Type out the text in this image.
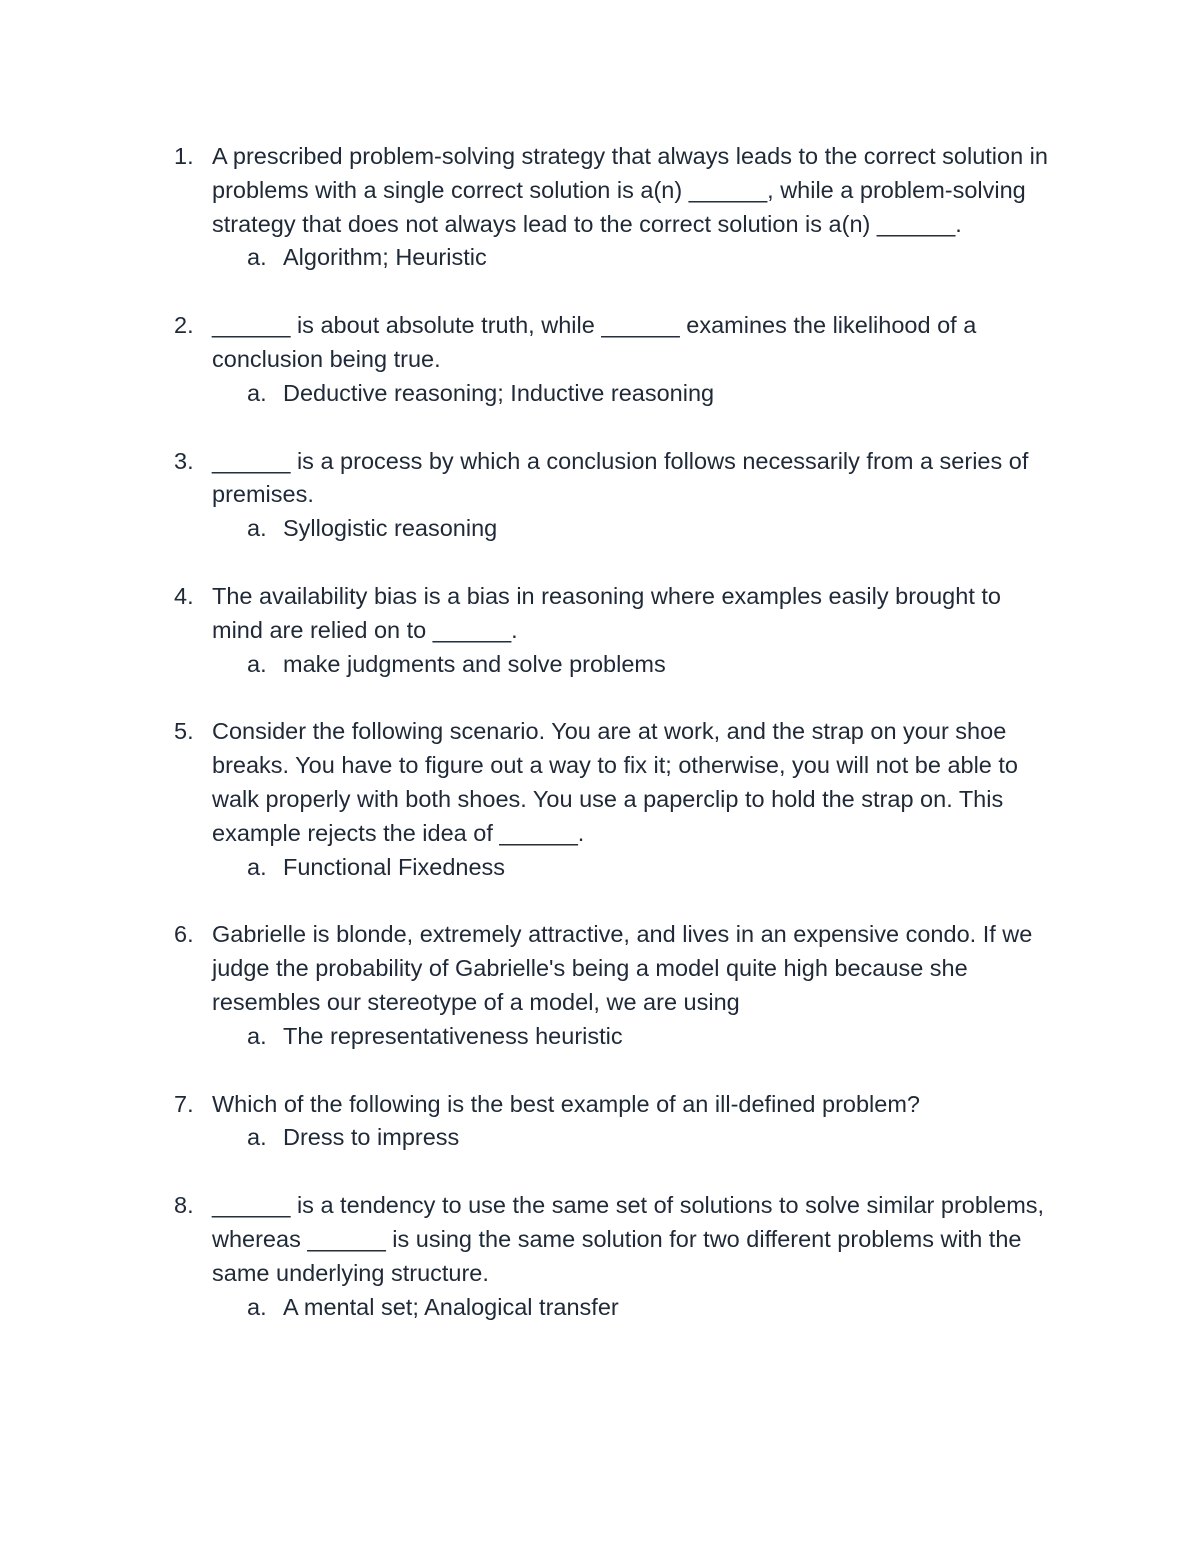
1. A prescribed problem-solving strategy that always leads to the correct solution in problems with a single correct solution is a(n) ______, while a problem-solving strategy that does not always lead to the correct solution is a(n) ______.
a. Algorithm; Heuristic
2. ______ is about absolute truth, while ______ examines the likelihood of a conclusion being true.
a. Deductive reasoning; Inductive reasoning
3. ______ is a process by which a conclusion follows necessarily from a series of premises.
a. Syllogistic reasoning
4. The availability bias is a bias in reasoning where examples easily brought to mind are relied on to ______.
a. make judgments and solve problems
5. Consider the following scenario. You are at work, and the strap on your shoe breaks. You have to figure out a way to fix it; otherwise, you will not be able to walk properly with both shoes. You use a paperclip to hold the strap on. This example rejects the idea of ______.
a. Functional Fixedness
6. Gabrielle is blonde, extremely attractive, and lives in an expensive condo. If we judge the probability of Gabrielle's being a model quite high because she resembles our stereotype of a model, we are using
a. The representativeness heuristic
7. Which of the following is the best example of an ill-defined problem?
a. Dress to impress
8. ______ is a tendency to use the same set of solutions to solve similar problems, whereas ______ is using the same solution for two different problems with the same underlying structure.
a. A mental set; Analogical transfer
